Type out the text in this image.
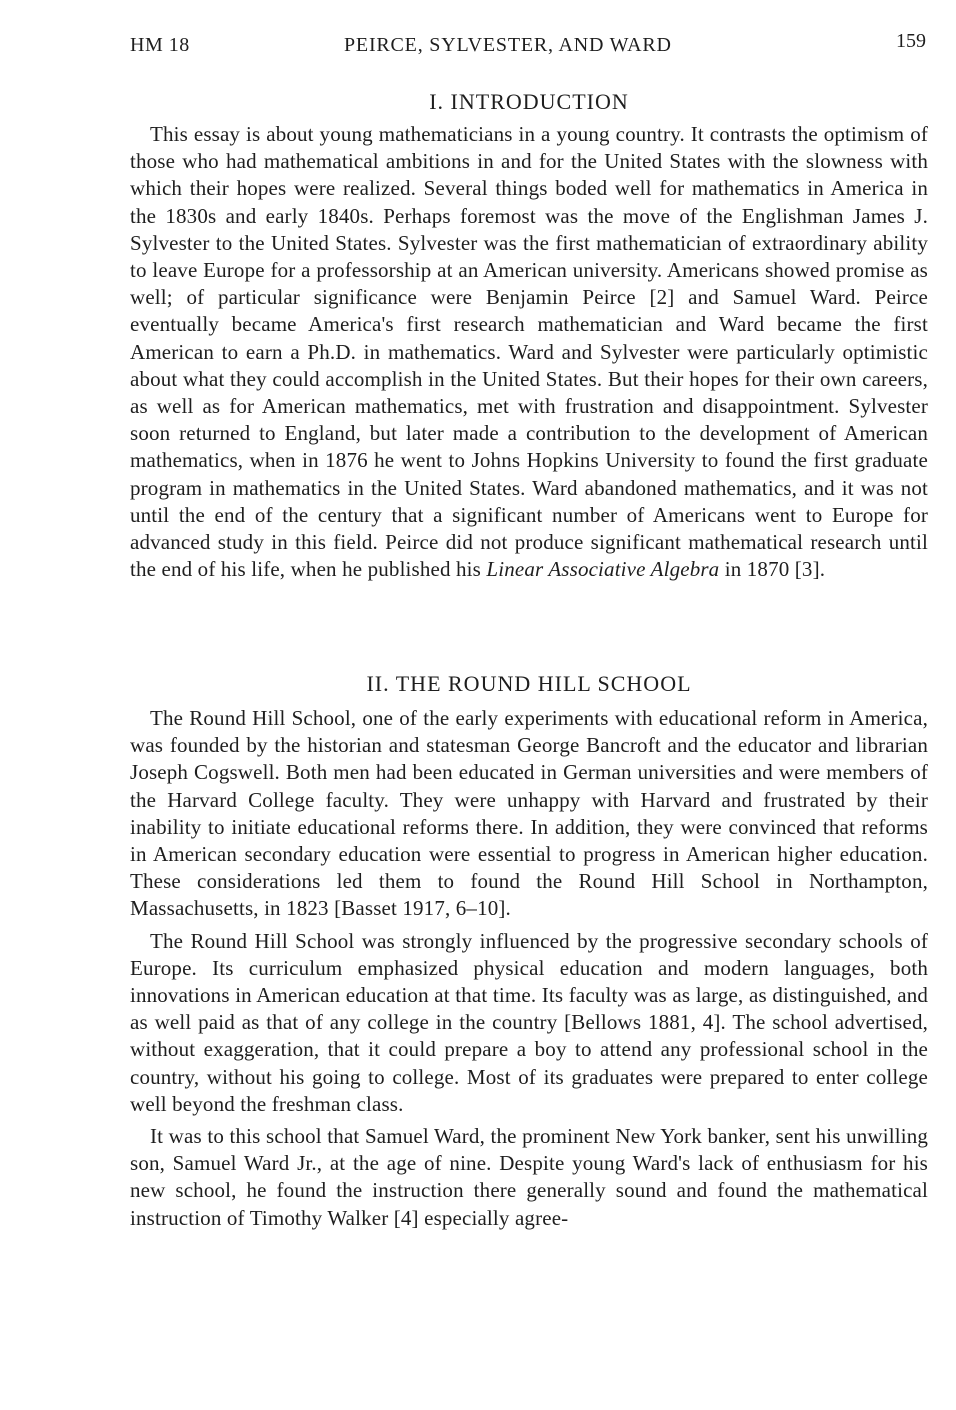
HM 18	PEIRCE, SYLVESTER, AND WARD	159
I. INTRODUCTION

This essay is about young mathematicians in a young country. It contrasts the optimism of those who had mathematical ambitions in and for the United States with the slowness with which their hopes were realized. Several things boded well for mathematics in America in the 1830s and early 1840s. Perhaps foremost was the move of the Englishman James J. Sylvester to the United States. Sylvester was the first mathematician of extraordinary ability to leave Europe for a professorship at an American university. Americans showed promise as well; of particular significance were Benjamin Peirce [2] and Samuel Ward. Peirce eventually became America's first research mathematician and Ward became the first American to earn a Ph.D. in mathematics. Ward and Sylvester were particularly optimistic about what they could accomplish in the United States. But their hopes for their own careers, as well as for American mathematics, met with frustration and disappointment. Sylvester soon returned to England, but later made a contribution to the development of American mathematics, when in 1876 he went to Johns Hopkins University to found the first graduate program in mathematics in the United States. Ward abandoned mathematics, and it was not until the end of the century that a significant number of Americans went to Europe for advanced study in this field. Peirce did not produce significant mathematical research until the end of his life, when he published his Linear Associative Algebra in 1870 [3].

II. THE ROUND HILL SCHOOL

The Round Hill School, one of the early experiments with educational reform in America, was founded by the historian and statesman George Bancroft and the educator and librarian Joseph Cogswell. Both men had been educated in German universities and were members of the Harvard College faculty. They were unhappy with Harvard and frustrated by their inability to initiate educational reforms there. In addition, they were convinced that reforms in American secondary education were essential to progress in American higher education. These considerations led them to found the Round Hill School in Northampton, Massachusetts, in 1823 [Basset 1917, 6–10].

The Round Hill School was strongly influenced by the progressive secondary schools of Europe. Its curriculum emphasized physical education and modern languages, both innovations in American education at that time. Its faculty was as large, as distinguished, and as well paid as that of any college in the country [Bellows 1881, 4]. The school advertised, without exaggeration, that it could prepare a boy to attend any professional school in the country, without his going to college. Most of its graduates were prepared to enter college well beyond the freshman class.

It was to this school that Samuel Ward, the prominent New York banker, sent his unwilling son, Samuel Ward Jr., at the age of nine. Despite young Ward's lack of enthusiasm for his new school, he found the instruction there generally sound and found the mathematical instruction of Timothy Walker [4] especially agree-
